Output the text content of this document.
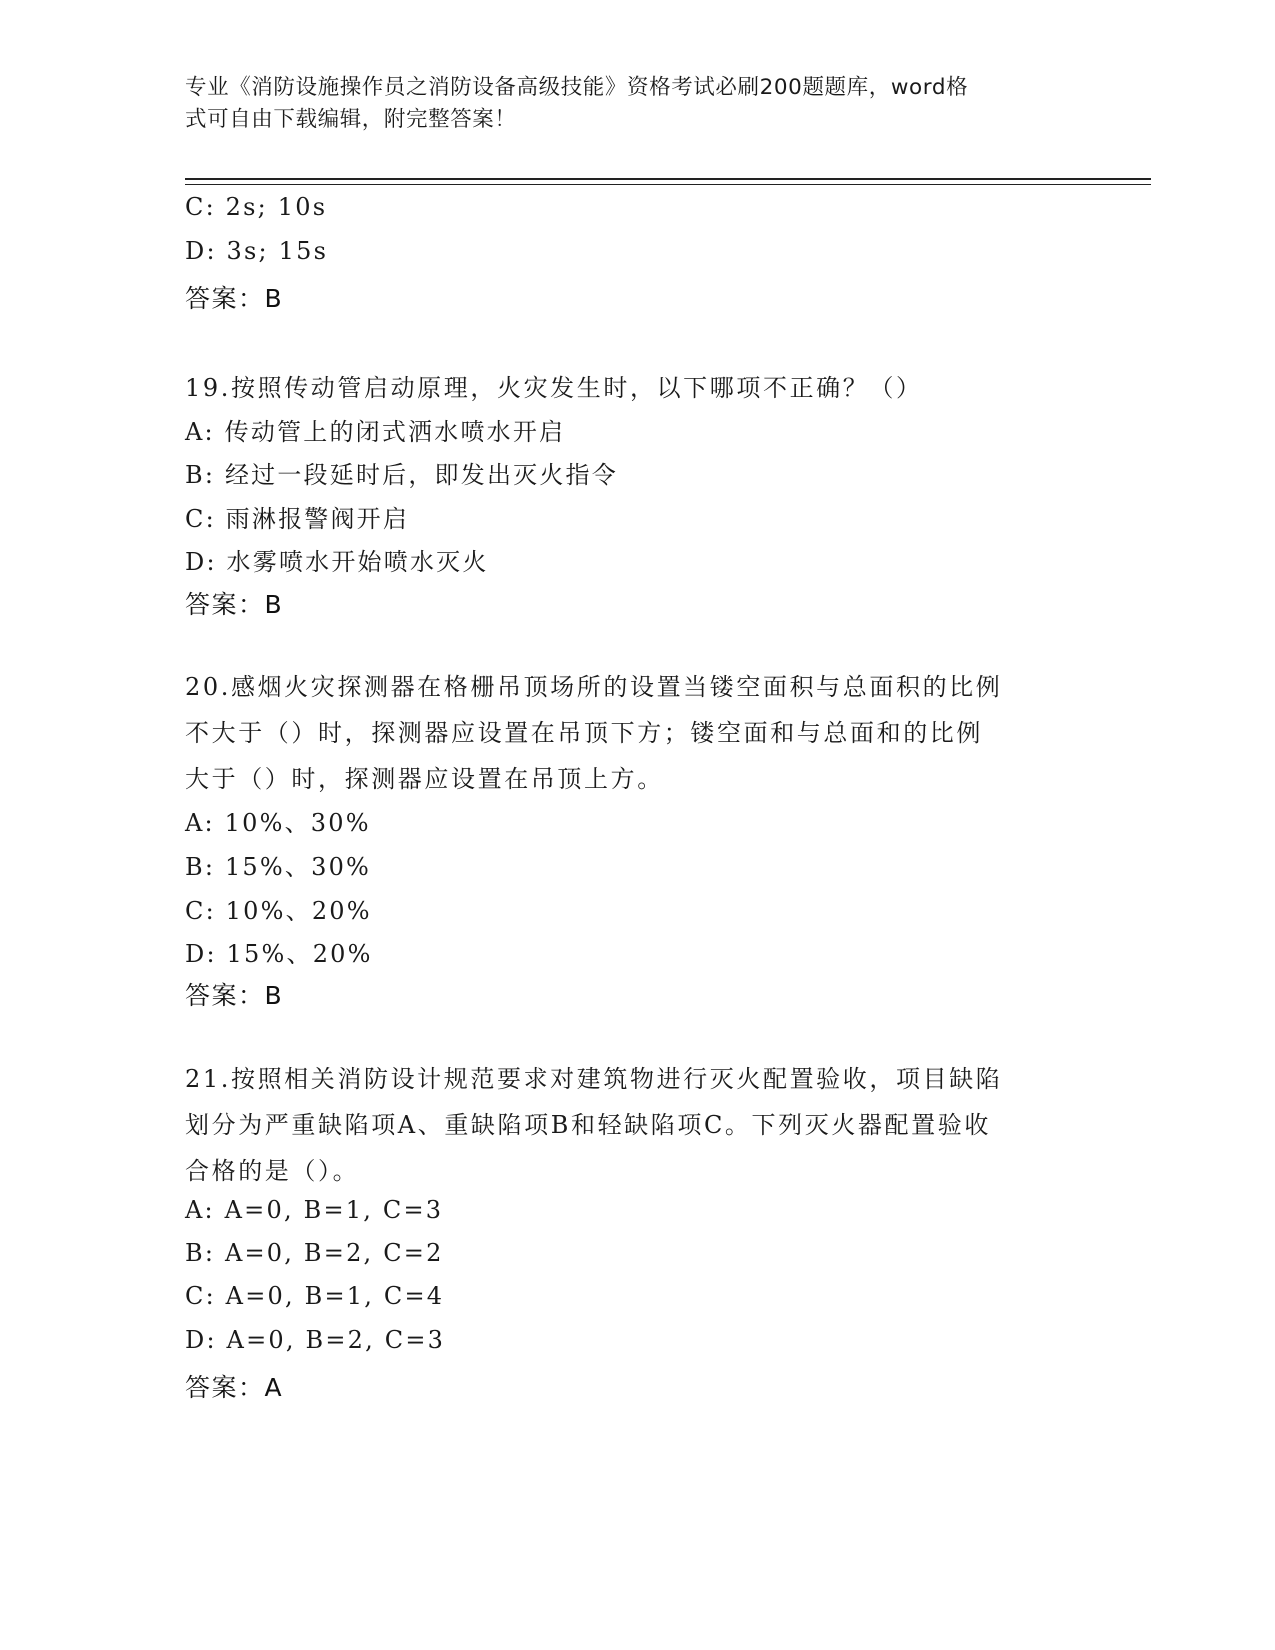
专业《消防设施操作员之消防设备高级技能》资格考试必刷200题题库，word格
式可自由下载编辑，附完整答案！
C: 2s; 10s
D: 3s; 15s
答案：B
19.按照传动管启动原理，火灾发生时，以下哪项不正确？（）
A: 传动管上的闭式洒水喷水开启
B: 经过一段延时后，即发出灭火指令
C: 雨淋报警阀开启
D: 水雾喷水开始喷水灭火
答案：B
20.感烟火灾探测器在格栅吊顶场所的设置当镂空面积与总面积的比例
不大于（）时，探测器应设置在吊顶下方；镂空面和与总面和的比例
大于（）时，探测器应设置在吊顶上方。
A: 10%、30%
B: 15%、30%
C: 10%、20%
D: 15%、20%
答案：B
21.按照相关消防设计规范要求对建筑物进行灭火配置验收，项目缺陷
划分为严重缺陷项A、重缺陷项B和轻缺陷项C。下列灭火器配置验收
合格的是（）。
A: A=0, B=1, C=3
B: A=0, B=2, C=2
C: A=0, B=1, C=4
D: A=0, B=2, C=3
答案：A
